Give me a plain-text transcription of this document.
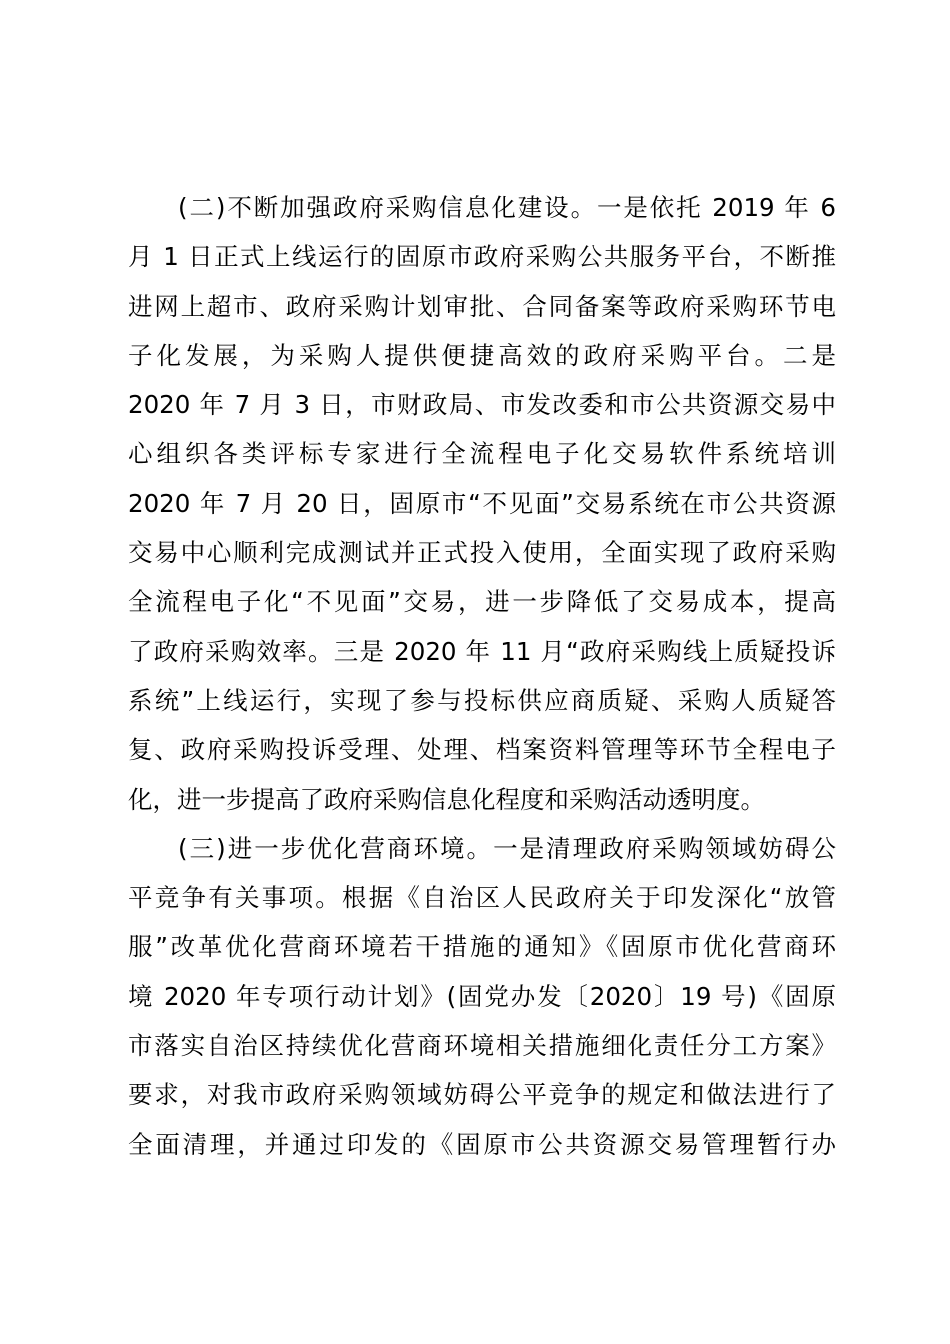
(二)不断加强政府采购信息化建设。一是依托 2019 年 6
月 1 日正式上线运行的固原市政府采购公共服务平台，不断推
进网上超市、政府采购计划审批、合同备案等政府采购环节电
子化发展，为采购人提供便捷高效的政府采购平台。二是
2020 年 7 月 3 日，市财政局、市发改委和市公共资源交易中
心组织各类评标专家进行全流程电子化交易软件系统培训
2020 年 7 月 20 日，固原市“不见面”交易系统在市公共资源
交易中心顺利完成测试并正式投入使用，全面实现了政府采购
全流程电子化“不见面”交易，进一步降低了交易成本，提高
了政府采购效率。三是 2020 年 11 月“政府采购线上质疑投诉
系统”上线运行，实现了参与投标供应商质疑、采购人质疑答
复、政府采购投诉受理、处理、档案资料管理等环节全程电子
化，进一步提高了政府采购信息化程度和采购活动透明度。
(三)进一步优化营商环境。一是清理政府采购领域妨碍公
平竞争有关事项。根据《自治区人民政府关于印发深化“放管
服”改革优化营商环境若干措施的通知》《固原市优化营商环
境 2020 年专项行动计划》(固党办发〔2020〕19 号)《固原
市落实自治区持续优化营商环境相关措施细化责任分工方案》
要求，对我市政府采购领域妨碍公平竞争的规定和做法进行了
全面清理，并通过印发的《固原市公共资源交易管理暂行办
